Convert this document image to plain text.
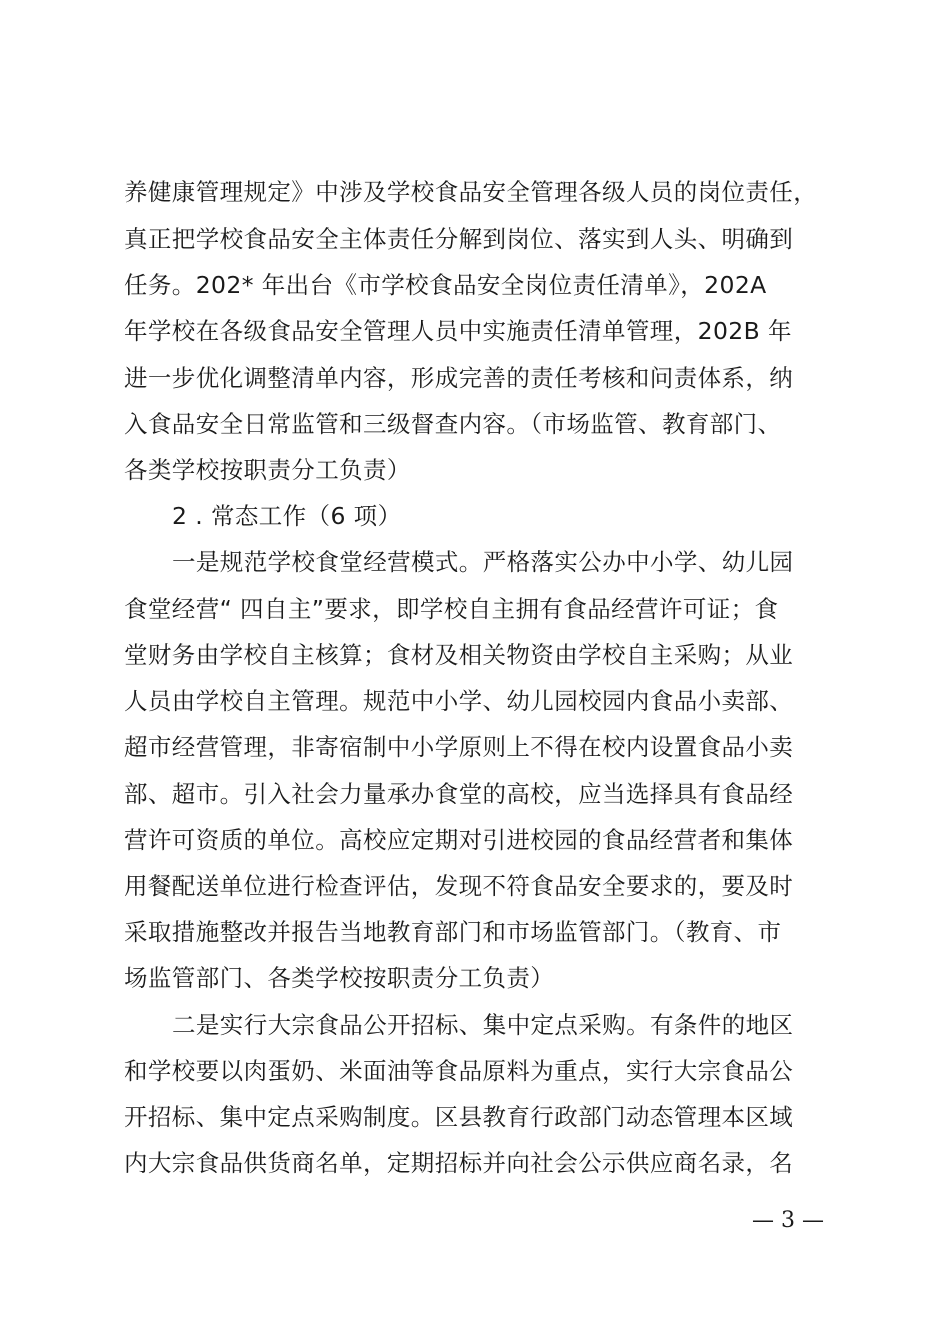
养健康管理规定》中涉及学校食品安全管理各级人员的岗位责任，
真正把学校食品安全主体责任分解到岗位、落实到人头、明确到
任务。202* 年出台《市学校食品安全岗位责任清单》，202A
年学校在各级食品安全管理人员中实施责任清单管理，202B 年
进一步优化调整清单内容，形成完善的责任考核和问责体系，纳
入食品安全日常监管和三级督查内容。（市场监管、教育部门、
各类学校按职责分工负责）
2 . 常态工作（6 项）
一是规范学校食堂经营模式。严格落实公办中小学、幼儿园
食堂经营“ 四自主”要求，即学校自主拥有食品经营许可证；食
堂财务由学校自主核算；食材及相关物资由学校自主采购；从业
人员由学校自主管理。规范中小学、幼儿园校园内食品小卖部、
超市经营管理，非寄宿制中小学原则上不得在校内设置食品小卖
部、超市。引入社会力量承办食堂的高校，应当选择具有食品经
营许可资质的单位。高校应定期对引进校园的食品经营者和集体
用餐配送单位进行检查评估，发现不符食品安全要求的，要及时
采取措施整改并报告当地教育部门和市场监管部门。（教育、市
场监管部门、各类学校按职责分工负责）
二是实行大宗食品公开招标、集中定点采购。有条件的地区
和学校要以肉蛋奶、米面油等食品原料为重点，实行大宗食品公
开招标、集中定点采购制度。区县教育行政部门动态管理本区域
内大宗食品供货商名单，定期招标并向社会公示供应商名录，名
— 3 —
